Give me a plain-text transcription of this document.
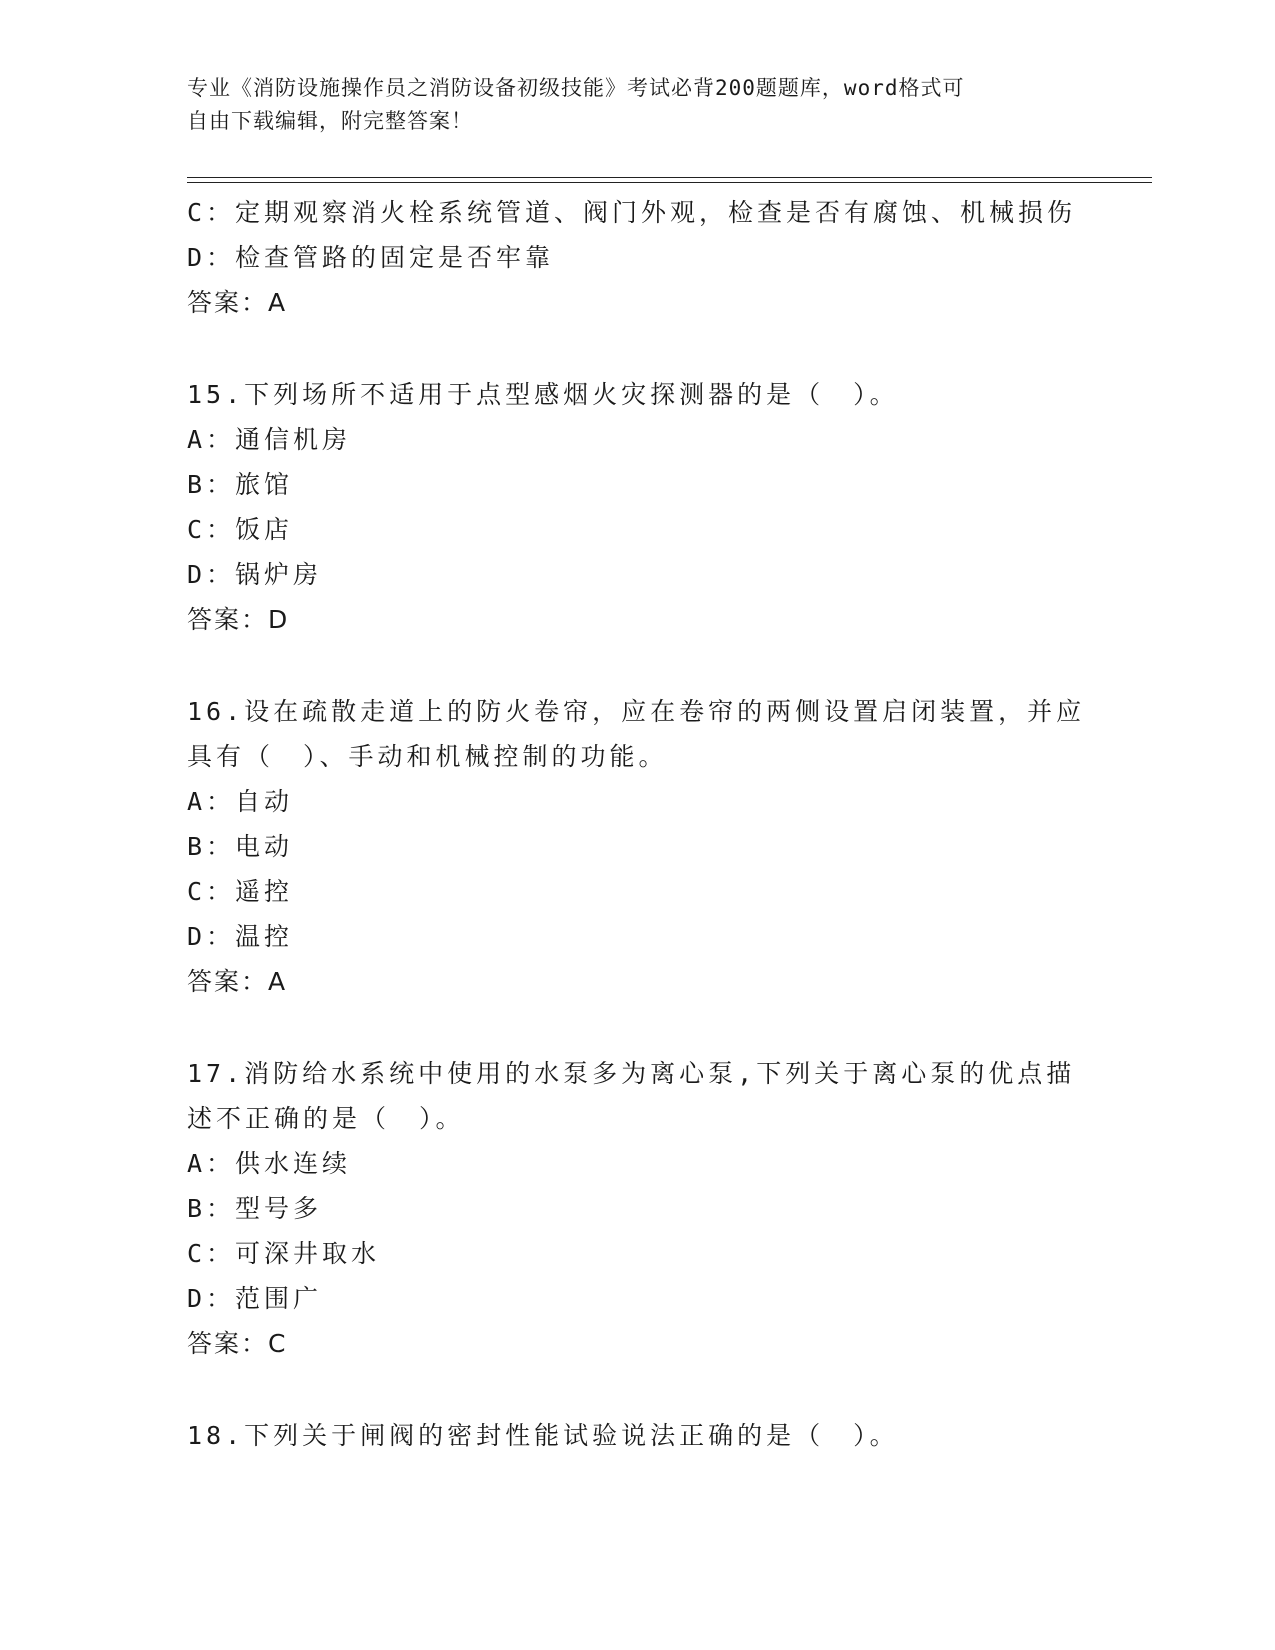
专业《消防设施操作员之消防设备初级技能》考试必背200题题库，word格式可
自由下载编辑，附完整答案！
C：定期观察消火栓系统管道、阀门外观，检查是否有腐蚀、机械损伤
D：检查管路的固定是否牢靠
答案：A
15.下列场所不适用于点型感烟火灾探测器的是（　）。
A：通信机房
B：旅馆
C：饭店
D：锅炉房
答案：D
16.设在疏散走道上的防火卷帘，应在卷帘的两侧设置启闭装置，并应
具有（　）、手动和机械控制的功能。
A：自动
B：电动
C：遥控
D：温控
答案：A
17.消防给水系统中使用的水泵多为离心泵,下列关于离心泵的优点描
述不正确的是（　）。
A：供水连续
B：型号多
C：可深井取水
D：范围广
答案：C
18.下列关于闸阀的密封性能试验说法正确的是（　）。
